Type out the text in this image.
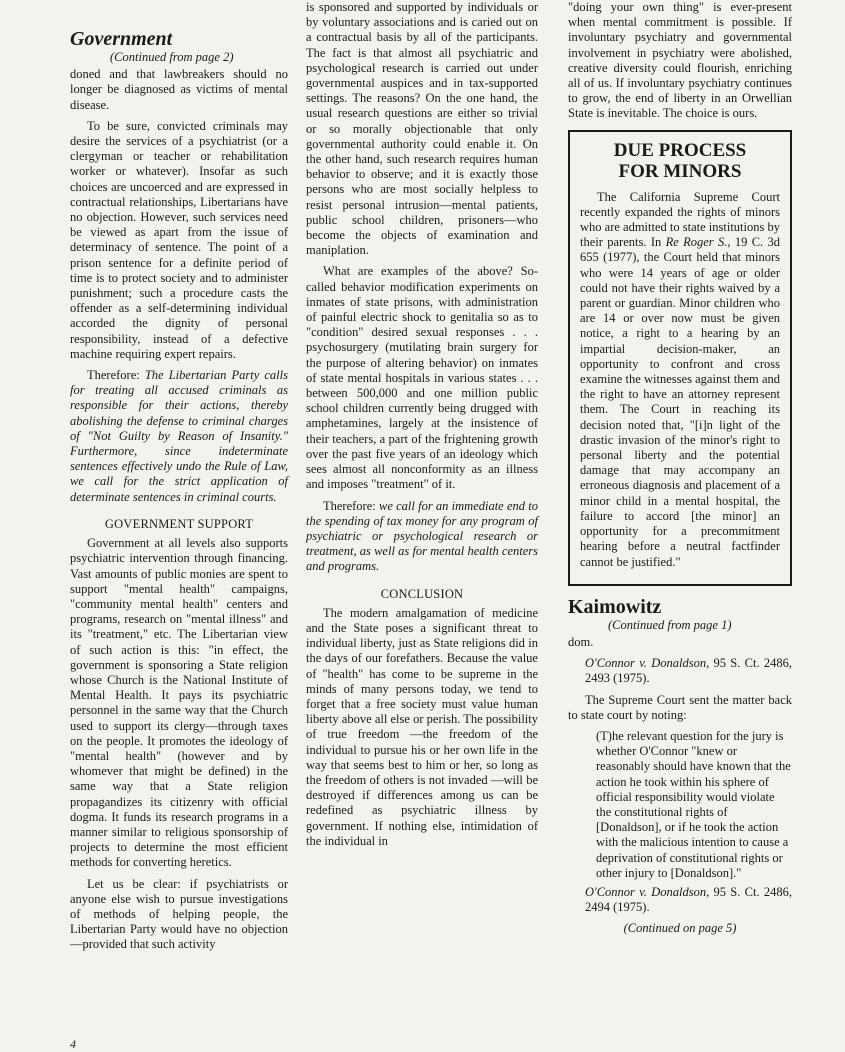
Government
(Continued from page 2)

doned and that lawbreakers should no longer be diagnosed as victims of mental disease.

To be sure, convicted criminals may desire the services of a psychiatrist (or a clergyman or teacher or rehabilitation worker or whatever). Insofar as such choices are uncoerced and are expressed in contractual relationships, Libertarians have no objection. However, such services need be viewed as apart from the issue of determinacy of sentence. The point of a prison sentence for a definite period of time is to protect society and to administer punishment; such a procedure casts the offender as a self-determining individual accorded the dignity of personal responsibility, instead of a defective machine requiring expert repairs.

Therefore: The Libertarian Party calls for treating all accused criminals as responsible for their actions, thereby abolishing the defense to criminal charges of "Not Guilty by Reason of Insanity." Furthermore, since indeterminate sentences effectively undo the Rule of Law, we call for the strict application of determinate sentences in criminal courts.

GOVERNMENT SUPPORT

Government at all levels also supports psychiatric intervention through financing. Vast amounts of public monies are spent to support "mental health" campaigns, "community mental health" centers and programs, research on "mental illness" and its "treatment," etc. The Libertarian view of such action is this: "in effect, the government is sponsoring a State religion whose Church is the National Institute of Mental Health. It pays its psychiatric personnel in the same way that the Church used to support its clergy—through taxes on the people. It promotes the ideology of "mental health" (however and by whomever that might be defined) in the same way that a State religion propagandizes its citizenry with official dogma. It funds its research programs in a manner similar to religious sponsorship of projects to determine the most efficient methods for converting heretics.

Let us be clear: if psychiatrists or anyone else wish to pursue investigations of methods of helping people, the Libertarian Party would have no objection—provided that such activity

is sponsored and supported by individuals or by voluntary associations and is caried out on a contractual basis by all of the participants. The fact is that almost all psychiatric and psychological research is carried out under governmental auspices and in tax-supported settings. The reasons? On the one hand, the usual research questions are either so trivial or so morally objectionable that only governmental authority could enable it. On the other hand, such research requires human behavior to observe; and it is exactly those persons who are most socially helpless to resist personal intrusion—mental patients, public school children, prisoners—who become the objects of examination and maniplation.

What are examples of the above? So-called behavior modification experiments on inmates of state prisons, with administration of painful electric shock to genitalia so as to "condition" desired sexual responses . . . psychosurgery (mutilating brain surgery for the purpose of altering behavior) on inmates of state mental hospitals in various states . . . between 500,000 and one million public school children currently being drugged with amphetamines, largely at the insistence of their teachers, a part of the frightening growth over the past five years of an ideology which sees almost all nonconformity as an illness and imposes "treatment" of it.

Therefore: we call for an immediate end to the spending of tax money for any program of psychiatric or psychological research or treatment, as well as for mental health centers and programs.

CONCLUSION

The modern amalgamation of medicine and the State poses a significant threat to individual liberty, just as State religions did in the days of our forefathers. Because the value of "health" has come to be supreme in the minds of many persons today, we tend to forget that a free society must value human liberty above all else or perish. The possibility of true freedom —the freedom of the individual to pursue his or her own life in the way that seems best to him or her, so long as the freedom of others is not invaded —will be destroyed if differences among us can be redefined as psychiatric illness by government. If nothing else, intimidation of the individual in

"doing your own thing" is ever-present when mental commitment is possible. If involuntary psychiatry and governmental involvement in psychiatry were abolished, creative diversity could flourish, enriching all of us. If involuntary psychiatry continues to grow, the end of liberty in an Orwellian State is inevitable. The choice is ours.

DUE PROCESS
FOR MINORS

The California Supreme Court recently expanded the rights of minors who are admitted to state institutions by their parents. In Re Roger S., 19 C. 3d 655 (1977), the Court held that minors who were 14 years of age or older could not have their rights waived by a parent or guardian. Minor children who are 14 or over now must be given notice, a right to a hearing by an impartial decision-maker, an opportunity to confront and cross examine the witnesses against them and the right to have an attorney represent them. The Court in reaching its decision noted that, "[i]n light of the drastic invasion of the minor's right to personal liberty and the potential damage that may accompany an erroneous diagnosis and placement of a minor child in a mental hospital, the failure to accord [the minor] an opportunity for a precommitment hearing before a neutral factfinder cannot be justified."

Kaimowitz
(Continued from page 1)

dom.

O'Connor v. Donaldson, 95 S. Ct. 2486, 2493 (1975).

The Supreme Court sent the matter back to state court by noting:

(T)he relevant question for the jury is whether O'Connor "knew or reasonably should have known that the action he took within his sphere of official responsibility would violate the constitutional rights of [Donaldson], or if he took the action with the malicious intention to cause a deprivation of constitutional rights or other injury to [Donaldson]."

O'Connor v. Donaldson, 95 S. Ct. 2486, 2494 (1975).

(Continued on page 5)
4
